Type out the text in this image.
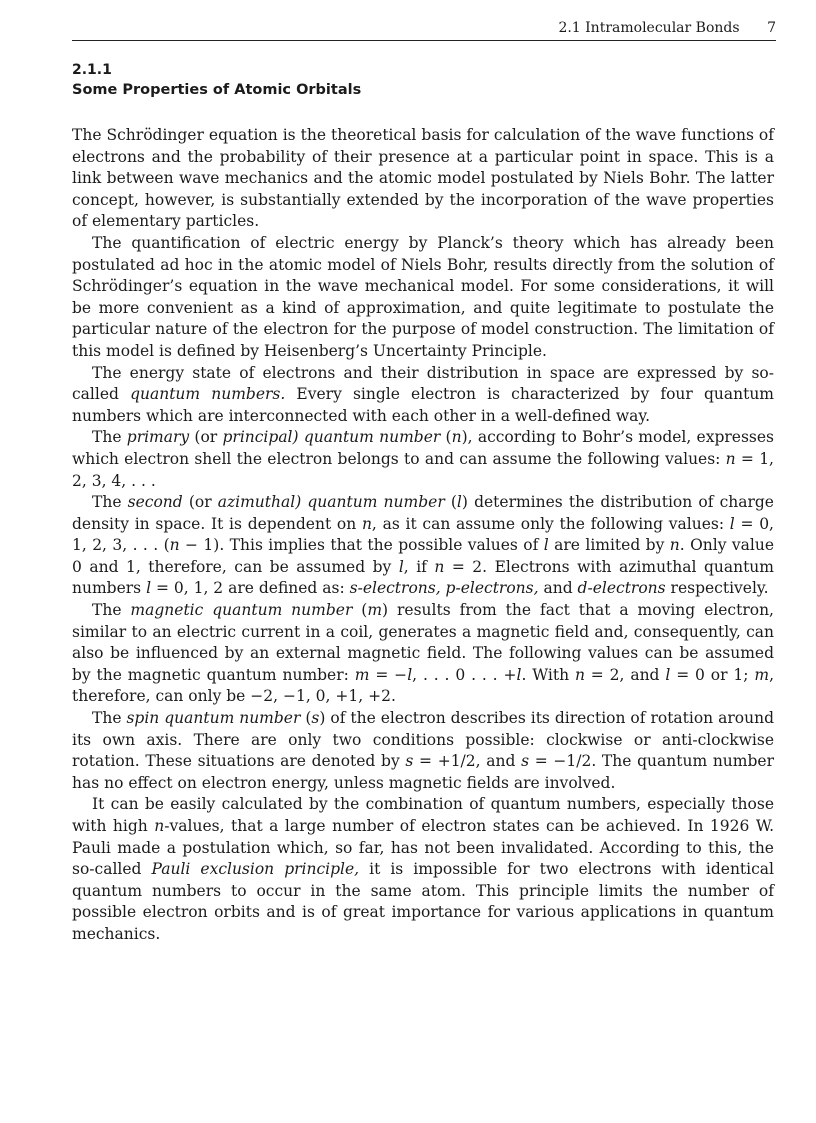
2.1 Intramolecular Bonds 7
2.1.1
Some Properties of Atomic Orbitals

The Schrödinger equation is the theoretical basis for calculation of the wave functions of electrons and the probability of their presence at a particular point in space. This is a link between wave mechanics and the atomic model postulated by Niels Bohr. The latter concept, however, is substantially extended by the incorporation of the wave properties of elementary particles.

The quantification of electric energy by Planck’s theory which has already been postulated ad hoc in the atomic model of Niels Bohr, results directly from the solution of Schrödinger’s equation in the wave mechanical model. For some considerations, it will be more convenient as a kind of approximation, and quite legitimate to postulate the particular nature of the electron for the purpose of model construction. The limitation of this model is defined by Heisenberg’s Uncertainty Principle.

The energy state of electrons and their distribution in space are expressed by so-called quantum numbers. Every single electron is characterized by four quantum numbers which are interconnected with each other in a well-defined way.

The primary (or principal) quantum number (n), according to Bohr’s model, expresses which electron shell the electron belongs to and can assume the following values: n = 1, 2, 3, 4, . . .

The second (or azimuthal) quantum number (l) determines the distribution of charge density in space. It is dependent on n, as it can assume only the following values: l = 0, 1, 2, 3, . . . (n − 1). This implies that the possible values of l are limited by n. Only value 0 and 1, therefore, can be assumed by l, if n = 2. Electrons with azimuthal quantum numbers l = 0, 1, 2 are defined as: s-electrons, p-electrons, and d-electrons respectively.

The magnetic quantum number (m) results from the fact that a moving electron, similar to an electric current in a coil, generates a magnetic field and, consequently, can also be influenced by an external magnetic field. The following values can be assumed by the magnetic quantum number: m = −l, . . . 0 . . . +l. With n = 2, and l = 0 or 1; m, therefore, can only be −2, −1, 0, +1, +2.

The spin quantum number (s) of the electron describes its direction of rotation around its own axis. There are only two conditions possible: clockwise or anti-clockwise rotation. These situations are denoted by s = +1/2, and s = −1/2. The quantum number has no effect on electron energy, unless magnetic fields are involved.

It can be easily calculated by the combination of quantum numbers, especially those with high n-values, that a large number of electron states can be achieved. In 1926 W. Pauli made a postulation which, so far, has not been invalidated. According to this, the so-called Pauli exclusion principle, it is impossible for two electrons with identical quantum numbers to occur in the same atom. This principle limits the number of possible electron orbits and is of great importance for various applications in quantum mechanics.
